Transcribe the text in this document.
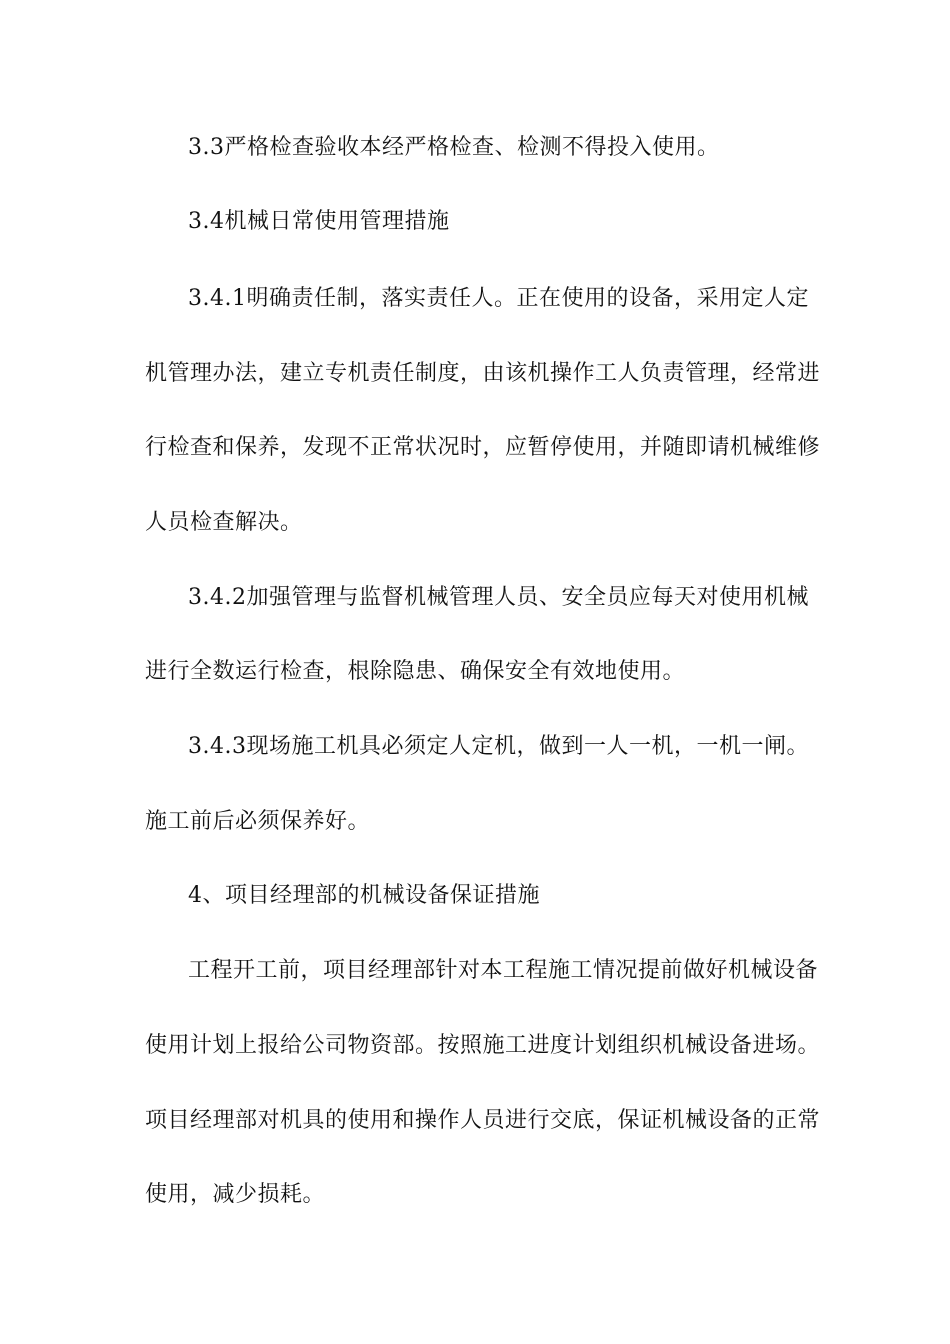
3.3严格检查验收本经严格检查、检测不得投入使用。
3.4机械日常使用管理措施
3.4.1明确责任制，落实责任人。正在使用的设备，采用定人定
机管理办法，建立专机责任制度，由该机操作工人负责管理，经常进
行检查和保养，发现不正常状况时，应暂停使用，并随即请机械维修
人员检查解决。
3.4.2加强管理与监督机械管理人员、安全员应每天对使用机械
进行全数运行检查，根除隐患、确保安全有效地使用。
3.4.3现场施工机具必须定人定机，做到一人一机，一机一闸。
施工前后必须保养好。
4、项目经理部的机械设备保证措施
工程开工前，项目经理部针对本工程施工情况提前做好机械设备
使用计划上报给公司物资部。按照施工进度计划组织机械设备进场。
项目经理部对机具的使用和操作人员进行交底，保证机械设备的正常
使用，减少损耗。
